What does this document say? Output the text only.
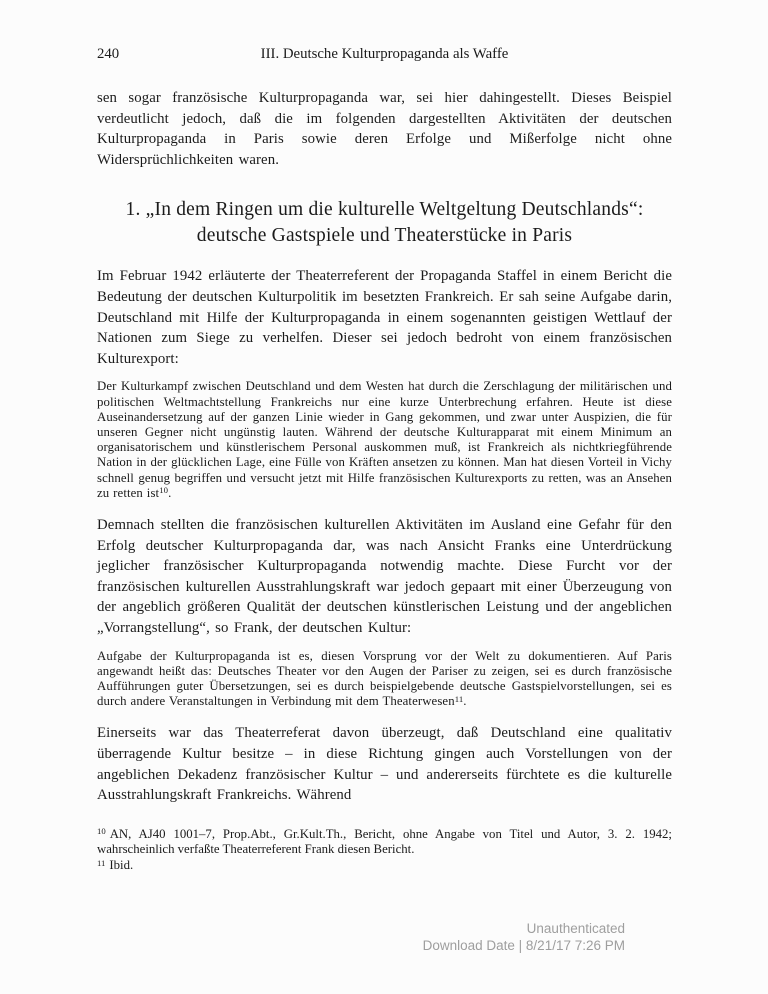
240	III. Deutsche Kulturpropaganda als Waffe

sen sogar französische Kulturpropaganda war, sei hier dahingestellt. Dieses Beispiel verdeutlicht jedoch, daß die im folgenden dargestellten Aktivitäten der deutschen Kulturpropaganda in Paris sowie deren Erfolge und Mißerfolge nicht ohne Widersprüchlichkeiten waren.

1. „In dem Ringen um die kulturelle Weltgeltung Deutschlands“: deutsche Gastspiele und Theaterstücke in Paris

Im Februar 1942 erläuterte der Theaterreferent der Propaganda Staffel in einem Bericht die Bedeutung der deutschen Kulturpolitik im besetzten Frankreich. Er sah seine Aufgabe darin, Deutschland mit Hilfe der Kulturpropaganda in einem sogenannten geistigen Wettlauf der Nationen zum Siege zu verhelfen. Dieser sei jedoch bedroht von einem französischen Kulturexport:

Der Kulturkampf zwischen Deutschland und dem Westen hat durch die Zerschlagung der militärischen und politischen Weltmachtstellung Frankreichs nur eine kurze Unterbrechung erfahren. Heute ist diese Auseinandersetzung auf der ganzen Linie wieder in Gang gekommen, und zwar unter Auspizien, die für unseren Gegner nicht ungünstig lauten. Während der deutsche Kulturapparat mit einem Minimum an organisatorischem und künstlerischem Personal auskommen muß, ist Frankreich als nichtkriegführende Nation in der glücklichen Lage, eine Fülle von Kräften ansetzen zu können. Man hat diesen Vorteil in Vichy schnell genug begriffen und versucht jetzt mit Hilfe französischen Kulturexports zu retten, was an Ansehen zu retten ist$^{10}$.

Demnach stellten die französischen kulturellen Aktivitäten im Ausland eine Gefahr für den Erfolg deutscher Kulturpropaganda dar, was nach Ansicht Franks eine Unterdrückung jeglicher französischer Kulturpropaganda notwendig machte. Diese Furcht vor der französischen kulturellen Ausstrahlungskraft war jedoch gepaart mit einer Überzeugung von der angeblich größeren Qualität der deutschen künstlerischen Leistung und der angeblichen „Vorrangstellung“, so Frank, der deutschen Kultur:

Aufgabe der Kulturpropaganda ist es, diesen Vorsprung vor der Welt zu dokumentieren. Auf Paris angewandt heißt das: Deutsches Theater vor den Augen der Pariser zu zeigen, sei es durch französische Aufführungen guter Übersetzungen, sei es durch beispielgebende deutsche Gastspielvorstellungen, sei es durch andere Veranstaltungen in Verbindung mit dem Theaterwesen$^{11}$.

Einerseits war das Theaterreferat davon überzeugt, daß Deutschland eine qualitativ überragende Kultur besitze – in diese Richtung gingen auch Vorstellungen von der angeblichen Dekadenz französischer Kultur – und andererseits fürchtete es die kulturelle Ausstrahlungskraft Frankreichs. Während

$^{10}$ AN, AJ40 1001–7, Prop.Abt., Gr.Kult.Th., Bericht, ohne Angabe von Titel und Autor, 3. 2. 1942; wahrscheinlich verfaßte Theaterreferent Frank diesen Bericht.
$^{11}$ Ibid.
Unauthenticated
Download Date | 8/21/17 7:26 PM
